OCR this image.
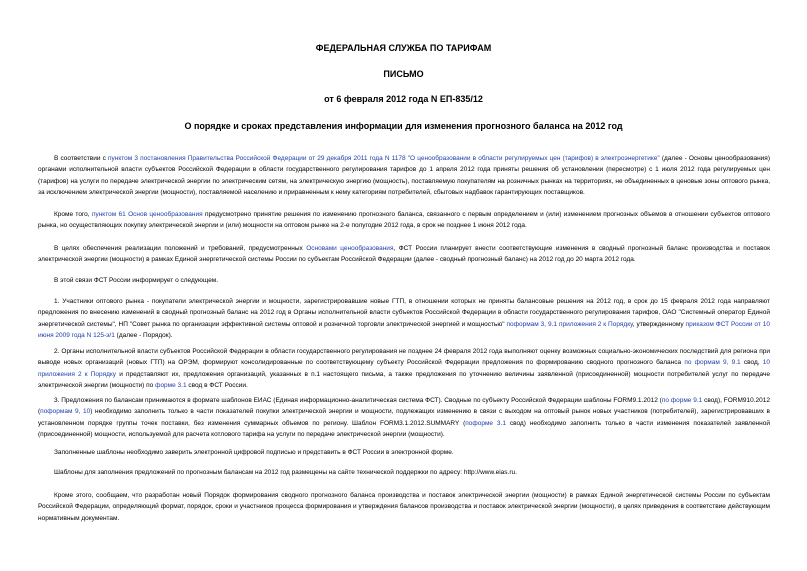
ФЕДЕРАЛЬНАЯ СЛУЖБА ПО ТАРИФАМ
ПИСЬМО
от 6 февраля 2012 года N ЕП-835/12
О порядке и сроках представления информации для изменения прогнозного баланса на 2012 год
В соответствии с пунктом 3 постановления Правительства Российской Федерации от 29 декабря 2011 года N 1178 "О ценообразовании в области регулируемых цен (тарифов) в электроэнергетике" (далее - Основы ценообразования) органами исполнительной власти субъектов Российской Федерации в области государственного регулирования тарифов до 1 апреля 2012 года приняты решения об установлении (пересмотре) с 1 июля 2012 года регулируемых цен (тарифов) на услуги по передаче электрической энергии по электрическим сетям, на электрическую энергию (мощность), поставляемую покупателям на розничных рынках на территориях, не объединенных в ценовые зоны оптового рынка, за исключением электрической энергии (мощности), поставляемой населению и приравненным к нему категориям потребителей, сбытовых надбавок гарантирующих поставщиков.
Кроме того, пунктом 61 Основ ценообразования предусмотрено принятие решения по изменению прогнозного баланса, связанного с первым определением и (или) изменением прогнозных объемов в отношении субъектов оптового рынка, но осуществляющих покупку электрической энергии и (или) мощности на оптовом рынке на 2-е полугодие 2012 года, в срок не позднее 1 июня 2012 года.
В целях обеспечения реализации положений и требований, предусмотренных Основами ценообразования, ФСТ России планирует внести соответствующие изменения в сводный прогнозный баланс производства и поставок электрической энергии (мощности) в рамках Единой энергетической системы России по субъектам Российской Федерации (далее - сводный прогнозный баланс) на 2012 год до 20 марта 2012 года.
В этой связи ФСТ России информирует о следующем.
1. Участники оптового рынка - покупатели электрической энергии и мощности, зарегистрировавшие новые ГТП, в отношении которых не приняты балансовые решения на 2012 год, в срок до 15 февраля 2012 года направляют предложения по внесению изменений в сводный прогнозный баланс на 2012 год в Органы исполнительной власти субъектов Российской Федерации в области государственного регулирования тарифов, ОАО "Системный оператор Единой энергетической системы", НП "Совет рынка по организации эффективной системы оптовой и розничной торговли электрической энергией и мощностью" поформам 3, 9.1 приложения 2 к Порядку, утвержденному приказом ФСТ России от 10 июня 2009 года N 125-э/1 (далее - Порядок).
2. Органы исполнительной власти субъектов Российской Федерации в области государственного регулирования не позднее 24 февраля 2012 года выполняют оценку возможных социально-экономических последствий для региона при выводе новых организаций (новых ГТП) на ОРЭМ, формируют консолидированные по соответствующему субъекту Российской Федерации предложения по формированию сводного прогнозного баланса по формам 9, 9.1 свод, 10 приложения 2 к Порядку и представляют их, предложения организаций, указанных в п.1 настоящего письма, а также предложения по уточнению величины заявленной (присоединенной) мощности потребителей услуг по передаче электрической энергии (мощности) по форме 3.1 свод в ФСТ России.
3. Предложения по балансам принимаются в формате шаблонов ЕИАС (Единая информационно-аналитическая система ФСТ). Сводные по субъекту Российской Федерации шаблоны FORM9.1.2012 (по форме 9.1 свод), FORM910.2012 (поформам 9, 10) необходимо заполнить только в части показателей покупки электрической энергии и мощности, подлежащих изменению в связи с выходом на оптовый рынок новых участников (потребителей), зарегистрировавших в установленном порядке группы точек поставки, без изменения суммарных объемов по региону. Шаблон FORM3.1.2012.SUMMARY (поформе 3.1 свод) необходимо заполнить только в части изменения показателей заявленной (присоединенной) мощности, используемой для расчета котлового тарифа на услуги по передаче электрической энергии (мощности).
Заполненные шаблоны необходимо заверить электронной цифровой подписью и представить в ФСТ России в электронной форме.
Шаблоны для заполнения предложений по прогнозным балансам на 2012 год размещены на сайте технической поддержки по адресу: http://www.eias.ru.
Кроме этого, сообщаем, что разработан новый Порядок формирования сводного прогнозного баланса производства и поставок электрической энергии (мощности) в рамках Единой энергетической системы России по субъектам Российской Федерации, определяющий формат, порядок, сроки и участников процесса формирования и утверждения балансов производства и поставок электрической энергии (мощности), в целях приведения в соответствие действующим нормативным документам.
